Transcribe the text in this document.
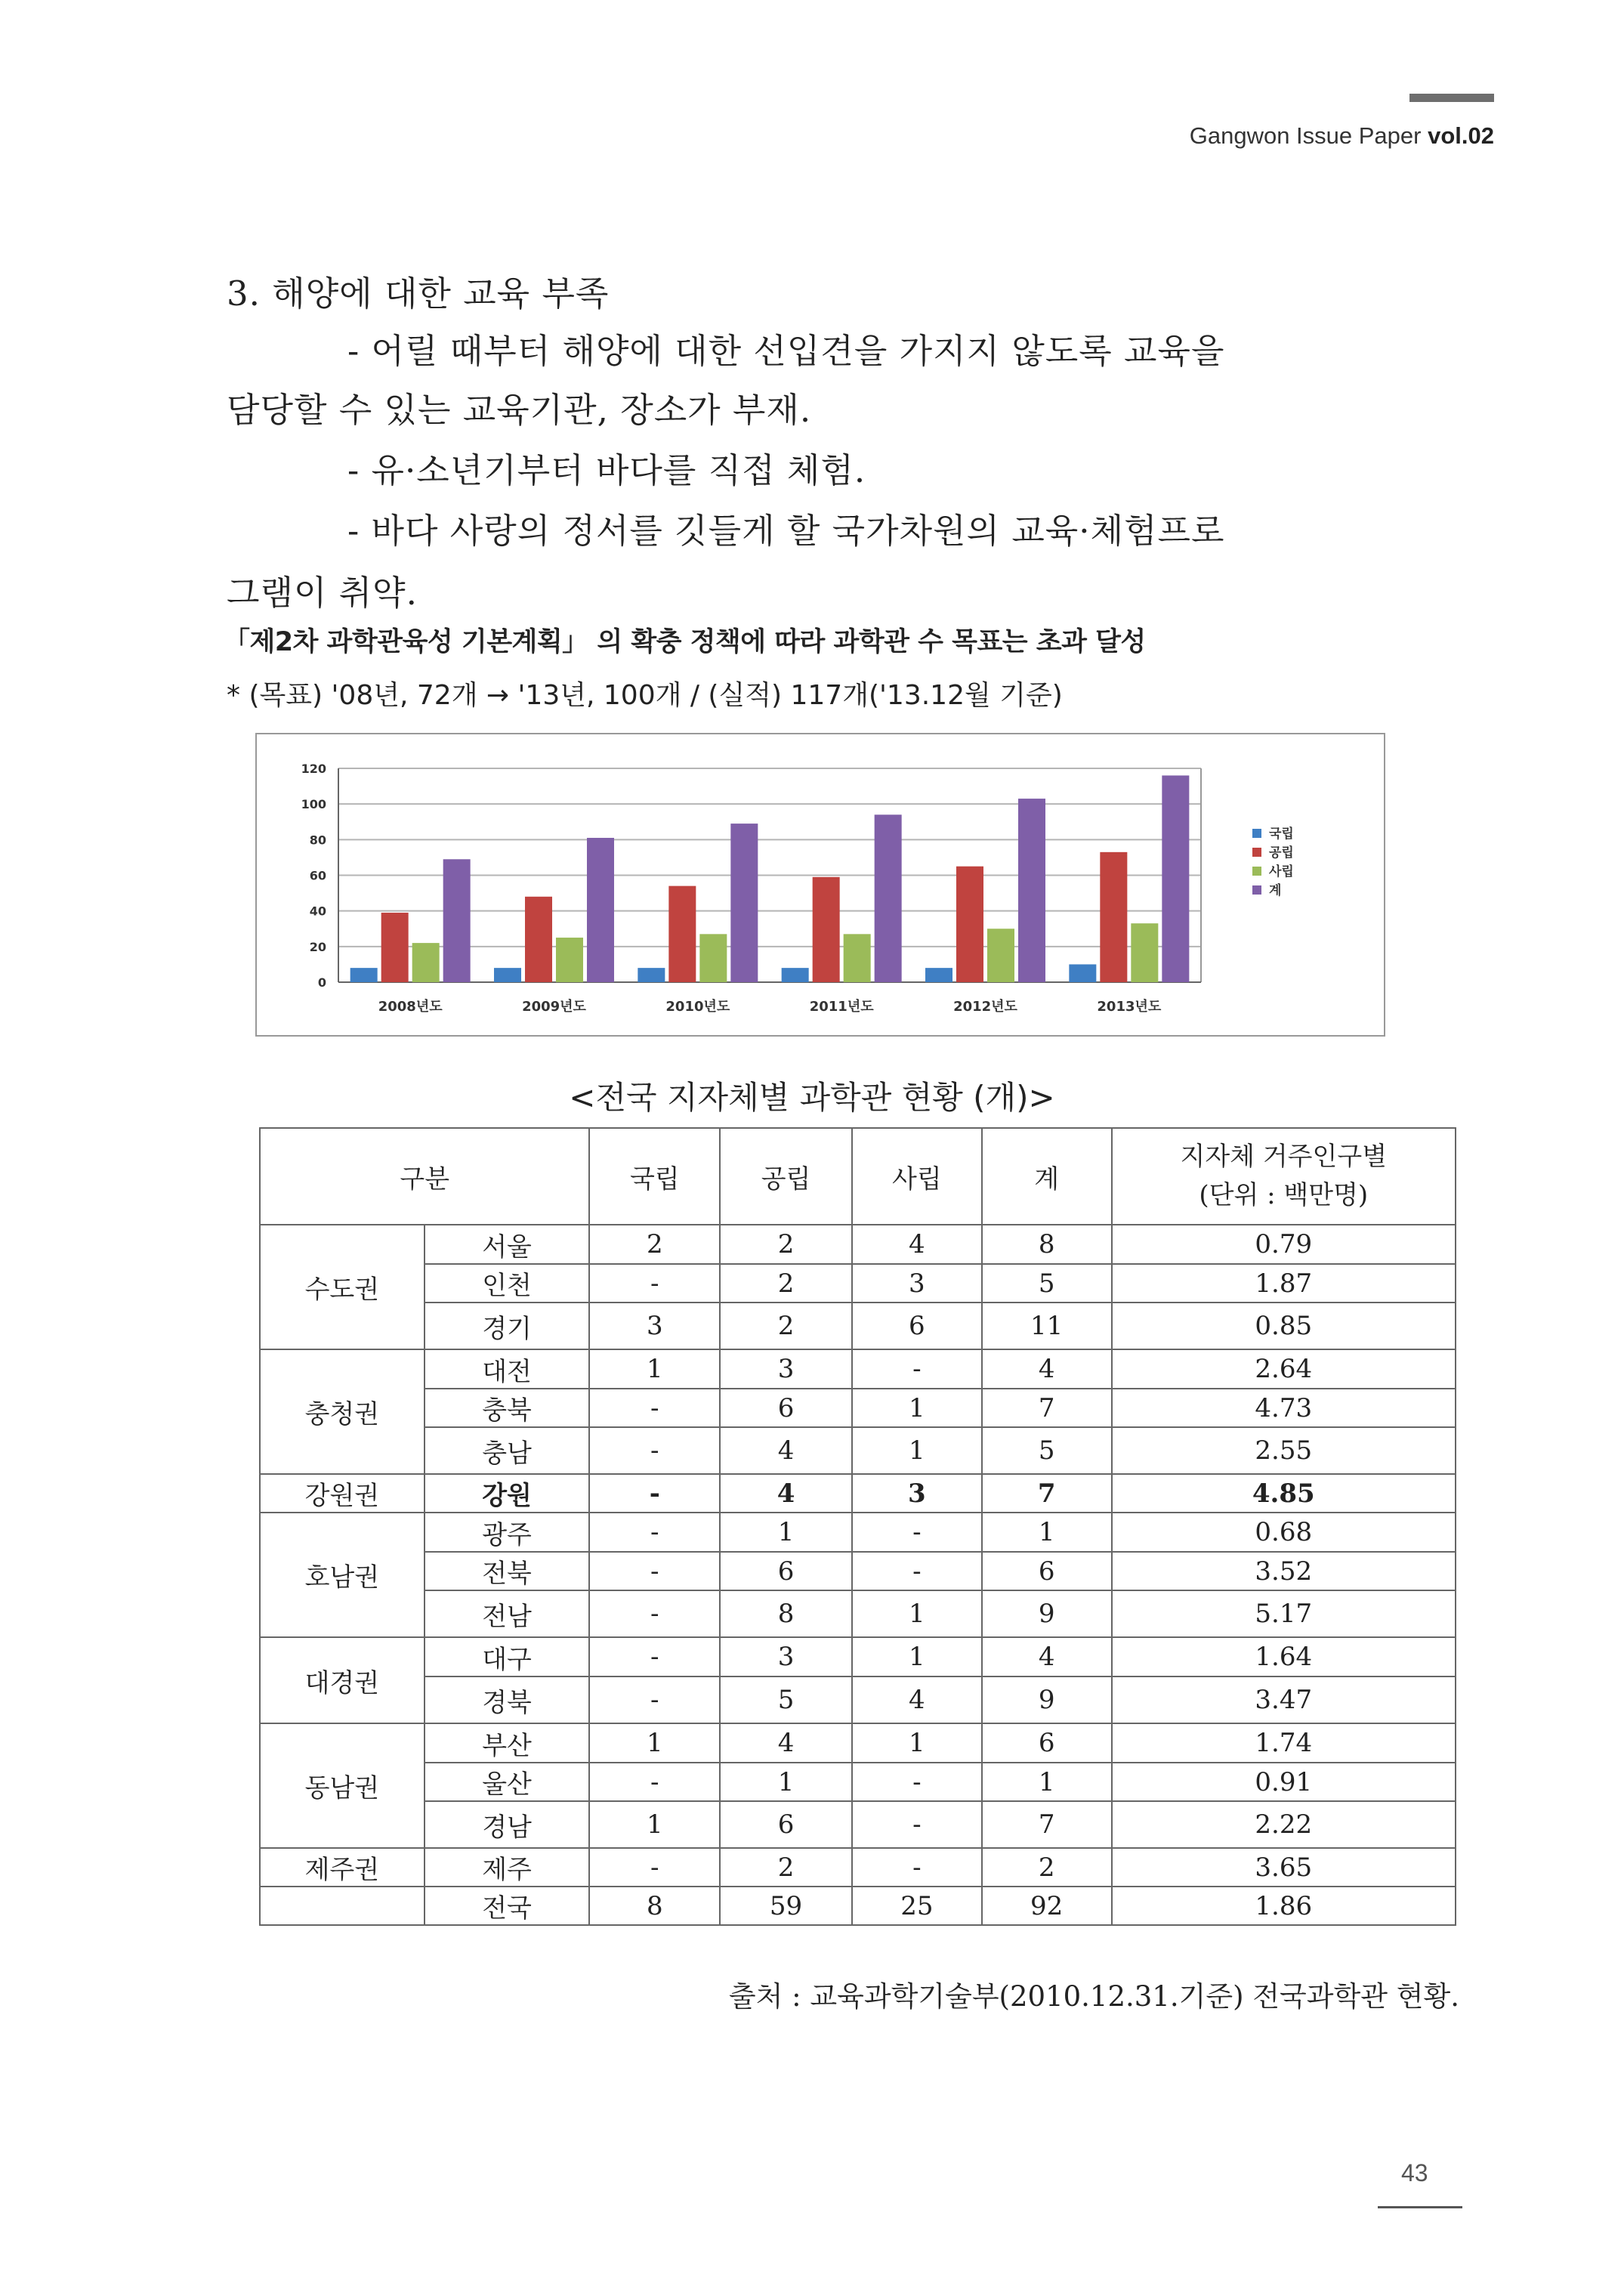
Gangwon Issue Paper vol.02
3. 해양에 대한 교육 부족
- 어릴 때부터 해양에 대한 선입견을 가지지 않도록 교육을
담당할 수 있는 교육기관, 장소가 부재.
- 유·소년기부터 바다를 직접 체험.
- 바다 사랑의 정서를 깃들게 할 국가차원의 교육·체험프로
그램이 취약.
「제2차 과학관육성 기본계획」 의 확충 정책에 따라 과학관 수 목표는 초과 달성
* (목표) '08년, 72개 → '13년, 100개 / (실적) 117개('13.12월 기준)
0
20
40
60
80
100
120
2008년도	2009년도	2010년도	2011년도	2012년도	2013년도
국립
공립
사립
계
<전국 지자체별 과학관 현황 (개)>
구분		국립	공립	사립	계	지자체 거주인구별
(단위 : 백만명)

수도권	서울	2	2	4	8	0.79
	인천	-	2	3	5	1.87
	경기	3	2	6	11	0.85
충청권	대전	1	3	-	4	2.64
	충북	-	6	1	7	4.73
	충남	-	4	1	5	2.55
강원권	강원	-	4	3	7	4.85
호남권	광주	-	1	-	1	0.68
	전북	-	6	-	6	3.52
	전남	-	8	1	9	5.17
대경권	대구	-	3	1	4	1.64
	경북	-	5	4	9	3.47
동남권	부산	1	4	1	6	1.74
	울산	-	1	-	1	0.91
	경남	1	6	-	7	2.22
제주권	제주	-	2	-	2	3.65
	전국	8	59	25	92	1.86
출처 : 교육과학기술부(2010.12.31.기준) 전국과학관 현황.
43
